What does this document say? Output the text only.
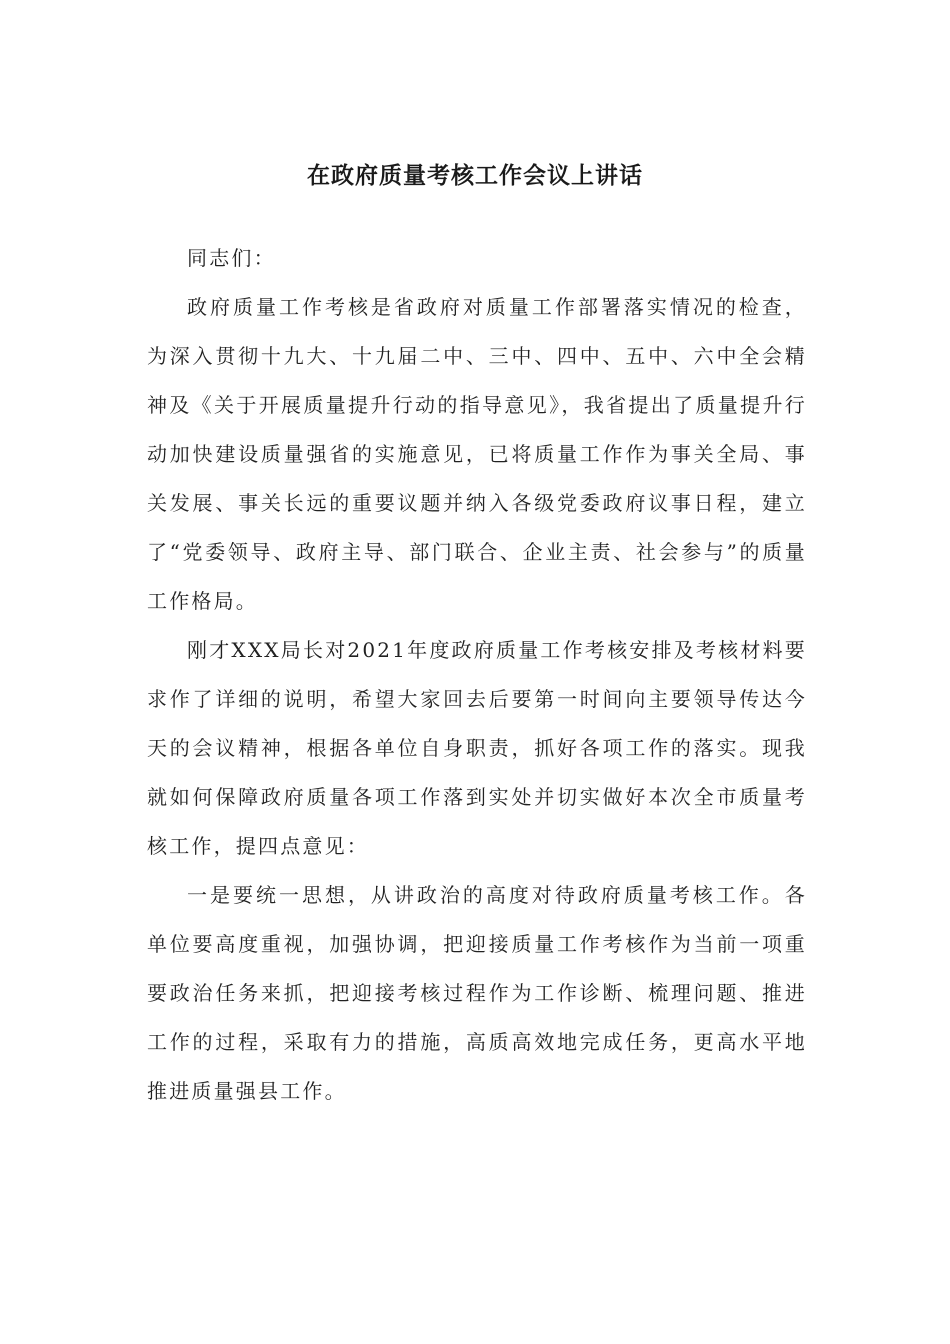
在政府质量考核工作会议上讲话

同志们：

政府质量工作考核是省政府对质量工作部署落实情况的检查，为深入贯彻十九大、十九届二中、三中、四中、五中、六中全会精神及《关于开展质量提升行动的指导意见》，我省提出了质量提升行动加快建设质量强省的实施意见，已将质量工作作为事关全局、事关发展、事关长远的重要议题并纳入各级党委政府议事日程，建立了“党委领导、政府主导、部门联合、企业主责、社会参与”的质量工作格局。

刚才XXX局长对2021年度政府质量工作考核安排及考核材料要求作了详细的说明，希望大家回去后要第一时间向主要领导传达今天的会议精神，根据各单位自身职责，抓好各项工作的落实。现我就如何保障政府质量各项工作落到实处并切实做好本次全市质量考核工作，提四点意见：

一是要统一思想，从讲政治的高度对待政府质量考核工作。各单位要高度重视，加强协调，把迎接质量工作考核作为当前一项重要政治任务来抓，把迎接考核过程作为工作诊断、梳理问题、推进工作的过程，采取有力的措施，高质高效地完成任务，更高水平地推进质量强县工作。
